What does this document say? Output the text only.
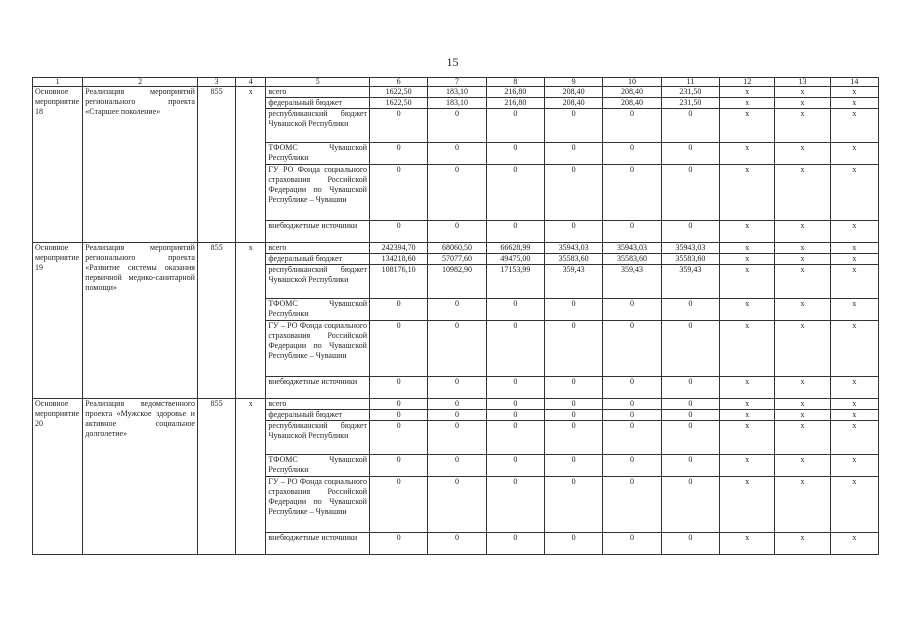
15
1	2	3	4	5	6	7	8	9	10	11	12	13	14
Основное мероприятие 18	Реализация мероприятий регионального проекта «Старшее поколение»	855	x	всего	1622,50	183,10	216,80	208,40	208,40	231,50	x	x	x
				федеральный бюджет	1622,50	183,10	216,80	208,40	208,40	231,50	x	x	x
				республиканский бюджет Чувашской Республики	0	0	0	0	0	0	x	x	x
				ТФОМС Чувашской Республики	0	0	0	0	0	0	x	x	x
				ГУ РО Фонда социального страхования Российской Федерации по Чувашской Республике – Чувашии	0	0	0	0	0	0	x	x	x
				внебюджетные источники	0	0	0	0	0	0	x	x	x
Основное мероприятие 19	Реализация мероприятий регионального проекта «Развитие системы оказания первичной медико-санитарной помощи»	855	x	всего	242394,70	68060,50	66628,99	35943,03	35943,03	35943,03	x	x	x
				федеральный бюджет	134218,60	57077,60	49475,00	35583,60	35583,60	35583,60	x	x	x
				республиканский бюджет Чувашской Республики	108176,10	10982,90	17153,99	359,43	359,43	359,43	x	x	x
				ТФОМС Чувашской Республики	0	0	0	0	0	0	x	x	x
				ГУ – РО Фонда социального страхования Российской Федерации по Чувашской Республике – Чувашии	0	0	0	0	0	0	x	x	x
				внебюджетные источники	0	0	0	0	0	0	x	x	x
Основное мероприятие 20	Реализация ведомственного проекта «Мужское здоровье и активное социальное долголетие»	855	x	всего	0	0	0	0	0	0	x	x	x
				федеральный бюджет	0	0	0	0	0	0	x	x	x
				республиканский бюджет Чувашской Республики	0	0	0	0	0	0	x	x	x
				ТФОМС Чувашской Республики	0	0	0	0	0	0	x	x	x
				ГУ – РО Фонда социального страхования Российской Федерации по Чувашской Республике – Чувашии	0	0	0	0	0	0	x	x	x
				внебюджетные источники	0	0	0	0	0	0	x	x	x
